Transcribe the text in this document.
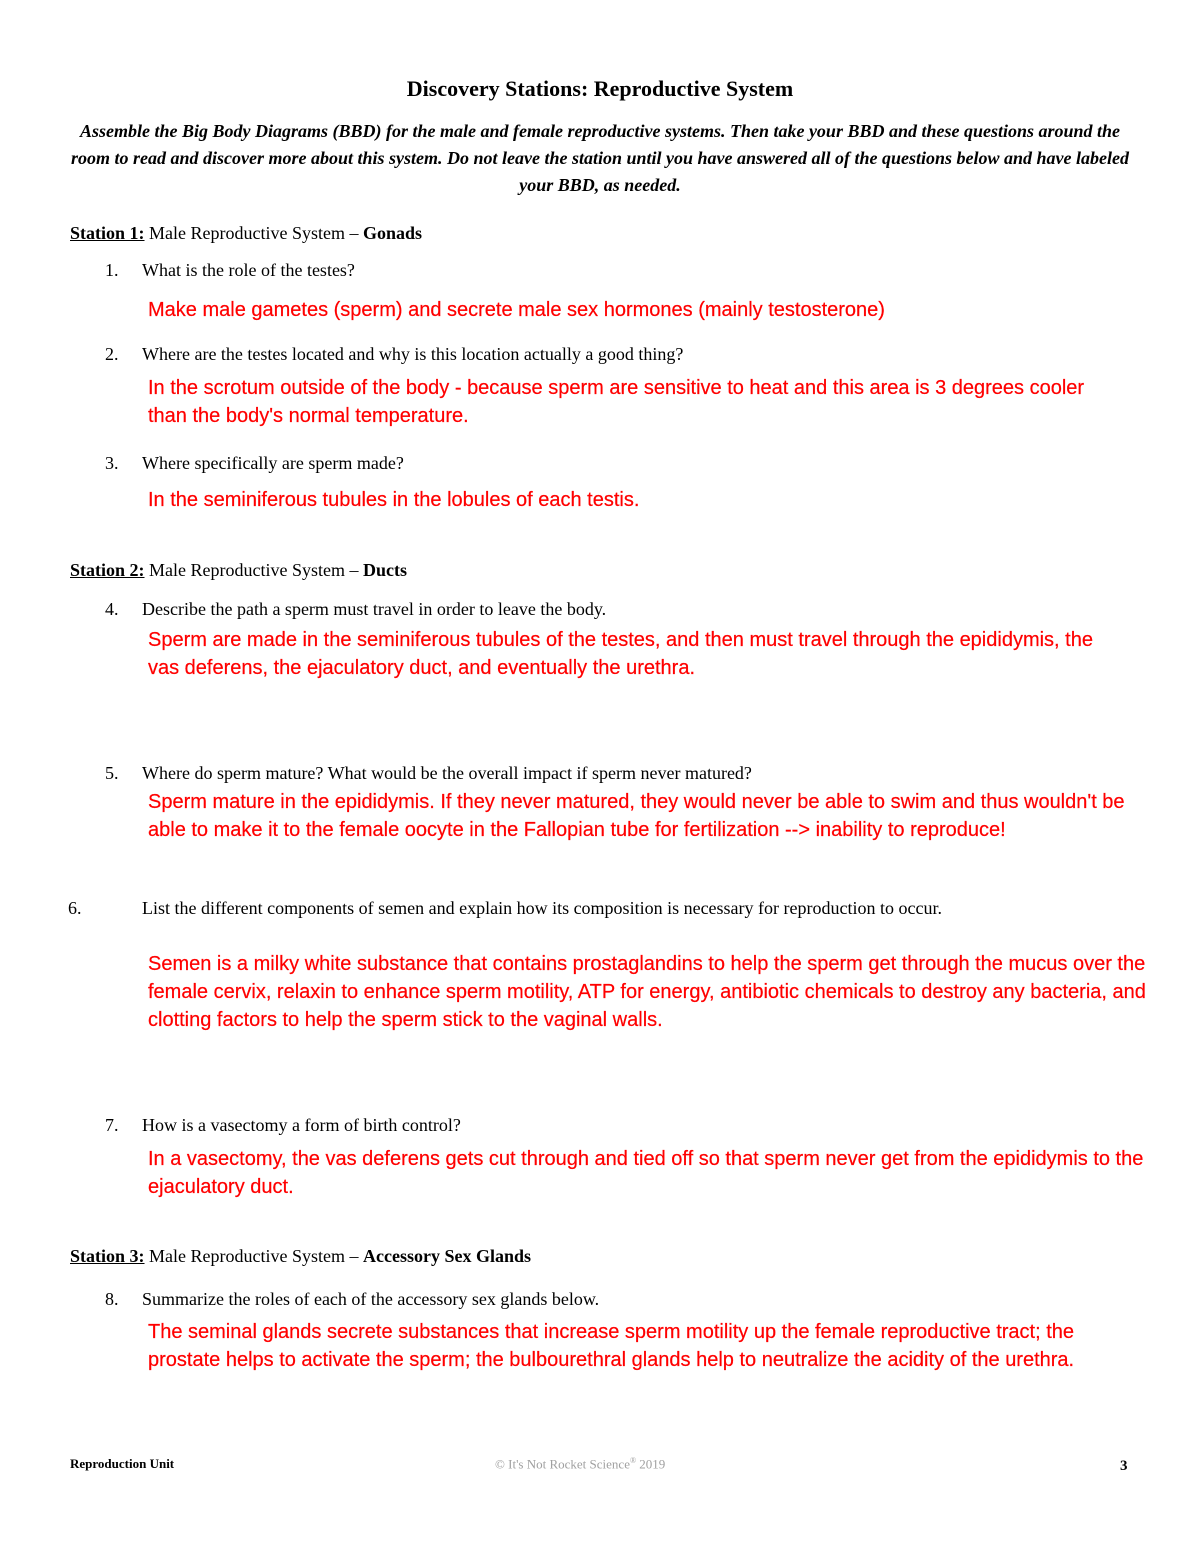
Discovery Stations: Reproductive System
Assemble the Big Body Diagrams (BBD) for the male and female reproductive systems. Then take your BBD and these questions around the room to read and discover more about this system. Do not leave the station until you have answered all of the questions below and have labeled your BBD, as needed.
Station 1: Male Reproductive System – Gonads
1. What is the role of the testes?
Make male gametes (sperm) and secrete male sex hormones (mainly testosterone)
2. Where are the testes located and why is this location actually a good thing?
In the scrotum outside of the body - because sperm are sensitive to heat and this area is 3 degrees cooler than the body's normal temperature.
3. Where specifically are sperm made?
In the seminiferous tubules in the lobules of each testis.
Station 2: Male Reproductive System – Ducts
4. Describe the path a sperm must travel in order to leave the body.
Sperm are made in the seminiferous tubules of the testes, and then must travel through the epididymis, the vas deferens, the ejaculatory duct, and eventually the urethra.
5. Where do sperm mature? What would be the overall impact if sperm never matured?
Sperm mature in the epididymis. If they never matured, they would never be able to swim and thus wouldn't be able to make it to the female oocyte in the Fallopian tube for fertilization --> inability to reproduce!
6.	List the different components of semen and explain how its composition is necessary for reproduction to occur.
Semen is a milky white substance that contains prostaglandins to help the sperm get through the mucus over the female cervix, relaxin to enhance sperm motility, ATP for energy, antibiotic chemicals to destroy any bacteria, and clotting factors to help the sperm stick to the vaginal walls.
7. How is a vasectomy a form of birth control?
In a vasectomy, the vas deferens gets cut through and tied off so that sperm never get from the epididymis to the ejaculatory duct.
Station 3: Male Reproductive System – Accessory Sex Glands
8. Summarize the roles of each of the accessory sex glands below.
The seminal glands secrete substances that increase sperm motility up the female reproductive tract; the prostate helps to activate the sperm; the bulbourethral glands help to neutralize the acidity of the urethra.
Reproduction Unit	© It's Not Rocket Science® 2019	3
